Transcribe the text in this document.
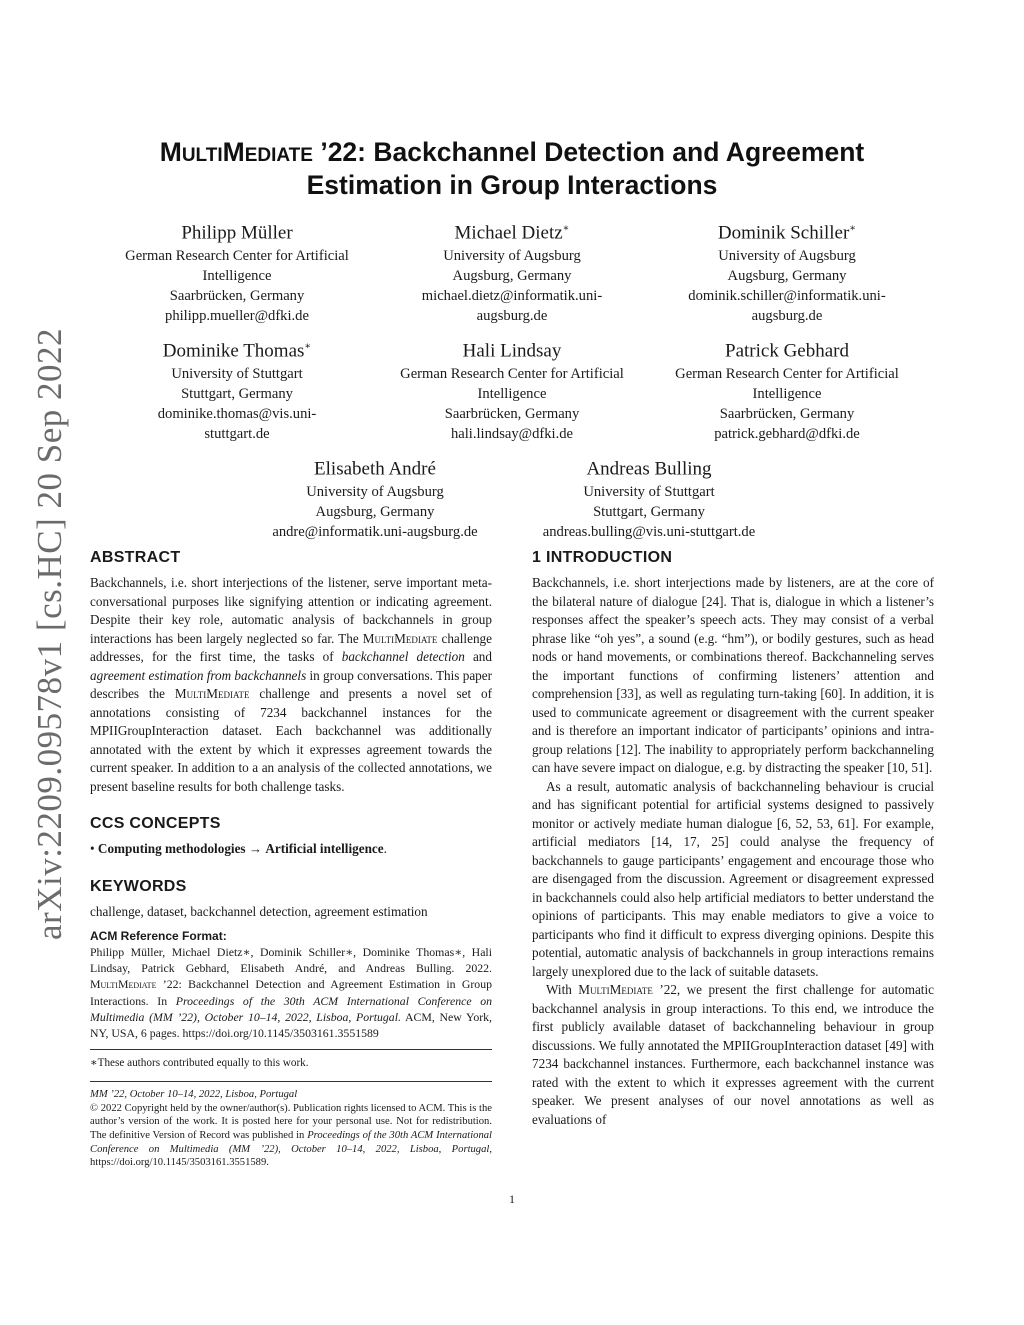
arXiv:2209.09578v1 [cs.HC] 20 Sep 2022
MultiMediate ’22: Backchannel Detection and Agreement
Estimation in Group Interactions
Philipp Müller
German Research Center for Artificial
Intelligence
Saarbrücken, Germany
philipp.mueller@dfki.de
Michael Dietz∗
University of Augsburg
Augsburg, Germany
michael.dietz@informatik.uni-
augsburg.de
Dominik Schiller∗
University of Augsburg
Augsburg, Germany
dominik.schiller@informatik.uni-
augsburg.de
Dominike Thomas∗
University of Stuttgart
Stuttgart, Germany
dominike.thomas@vis.uni-
stuttgart.de
Hali Lindsay
German Research Center for Artificial
Intelligence
Saarbrücken, Germany
hali.lindsay@dfki.de
Patrick Gebhard
German Research Center for Artificial
Intelligence
Saarbrücken, Germany
patrick.gebhard@dfki.de
Elisabeth André
University of Augsburg
Augsburg, Germany
andre@informatik.uni-augsburg.de
Andreas Bulling
University of Stuttgart
Stuttgart, Germany
andreas.bulling@vis.uni-stuttgart.de
ABSTRACT

Backchannels, i.e. short interjections of the listener, serve important meta-conversational purposes like signifying attention or indicating agreement. Despite their key role, automatic analysis of backchannels in group interactions has been largely neglected so far. The MultiMediate challenge addresses, for the first time, the tasks of backchannel detection and agreement estimation from backchannels in group conversations. This paper describes the MultiMediate challenge and presents a novel set of annotations consisting of 7234 backchannel instances for the MPIIGroupInteraction dataset. Each backchannel was additionally annotated with the extent by which it expresses agreement towards the current speaker. In addition to a an analysis of the collected annotations, we present baseline results for both challenge tasks.

CCS CONCEPTS

• Computing methodologies → Artificial intelligence.

KEYWORDS

challenge, dataset, backchannel detection, agreement estimation

ACM Reference Format:

Philipp Müller, Michael Dietz∗, Dominik Schiller∗, Dominike Thomas∗, Hali Lindsay, Patrick Gebhard, Elisabeth André, and Andreas Bulling. 2022. MultiMediate ’22: Backchannel Detection and Agreement Estimation in Group Interactions. In Proceedings of the 30th ACM International Conference on Multimedia (MM ’22), October 10–14, 2022, Lisboa, Portugal. ACM, New York, NY, USA, 6 pages. https://doi.org/10.1145/3503161.3551589

∗These authors contributed equally to this work.

MM ’22, October 10–14, 2022, Lisboa, Portugal

© 2022 Copyright held by the owner/author(s). Publication rights licensed to ACM. This is the author’s version of the work. It is posted here for your personal use. Not for redistribution. The definitive Version of Record was published in Proceedings of the 30th ACM International Conference on Multimedia (MM ’22), October 10–14, 2022, Lisboa, Portugal, https://doi.org/10.1145/3503161.3551589.

1 INTRODUCTION

Backchannels, i.e. short interjections made by listeners, are at the core of the bilateral nature of dialogue [24]. That is, dialogue in which a listener’s responses affect the speaker’s speech acts. They may consist of a verbal phrase like “oh yes”, a sound (e.g. “hm”), or bodily gestures, such as head nods or hand movements, or combinations thereof. Backchanneling serves the important functions of confirming listeners’ attention and comprehension [33], as well as regulating turn-taking [60]. In addition, it is used to communicate agreement or disagreement with the current speaker and is therefore an important indicator of participants’ opinions and intra-group relations [12]. The inability to appropriately perform backchanneling can have severe impact on dialogue, e.g. by distracting the speaker [10, 51].

As a result, automatic analysis of backchanneling behaviour is crucial and has significant potential for artificial systems designed to passively monitor or actively mediate human dialogue [6, 52, 53, 61]. For example, artificial mediators [14, 17, 25] could analyse the frequency of backchannels to gauge participants’ engagement and encourage those who are disengaged from the discussion. Agreement or disagreement expressed in backchannels could also help artificial mediators to better understand the opinions of participants. This may enable mediators to give a voice to participants who find it difficult to express diverging opinions. Despite this potential, automatic analysis of backchannels in group interactions remains largely unexplored due to the lack of suitable datasets.

With MultiMediate ’22, we present the first challenge for automatic backchannel analysis in group interactions. To this end, we introduce the first publicly available dataset of backchanneling behaviour in group discussions. We fully annotated the MPIIGroupInteraction dataset [49] with 7234 backchannel instances. Furthermore, each backchannel instance was rated with the extent to which it expresses agreement with the current speaker. We present analyses of our novel annotations as well as evaluations of

1
